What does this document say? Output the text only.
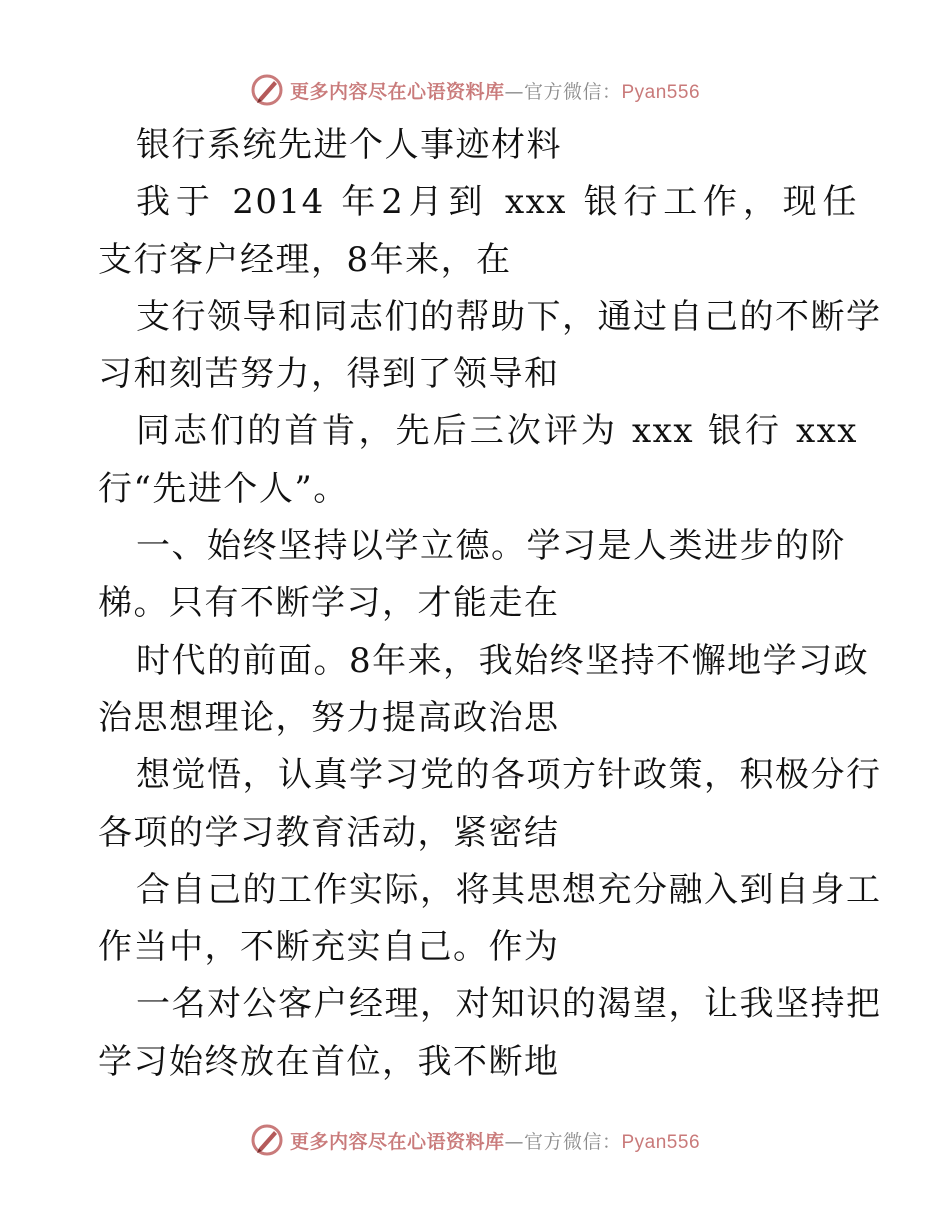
更多内容尽在心语资料库—官方微信：Pyan556
银行系统先进个人事迹材料
我于 2014 年2月到 xxx 银行工作，现任
支行客户经理，8年来，在
支行领导和同志们的帮助下，通过自己的不断学
习和刻苦努力，得到了领导和
同志们的首肯，先后三次评为 xxx 银行 xxx
行“先进个人”。
一、始终坚持以学立德。学习是人类进步的阶
梯。只有不断学习，才能走在
时代的前面。8年来，我始终坚持不懈地学习政
治思想理论，努力提高政治思
想觉悟，认真学习党的各项方针政策，积极分行
各项的学习教育活动，紧密结
合自己的工作实际，将其思想充分融入到自身工
作当中，不断充实自己。作为
一名对公客户经理，对知识的渴望，让我坚持把
学习始终放在首位，我不断地
更多内容尽在心语资料库—官方微信：Pyan556
